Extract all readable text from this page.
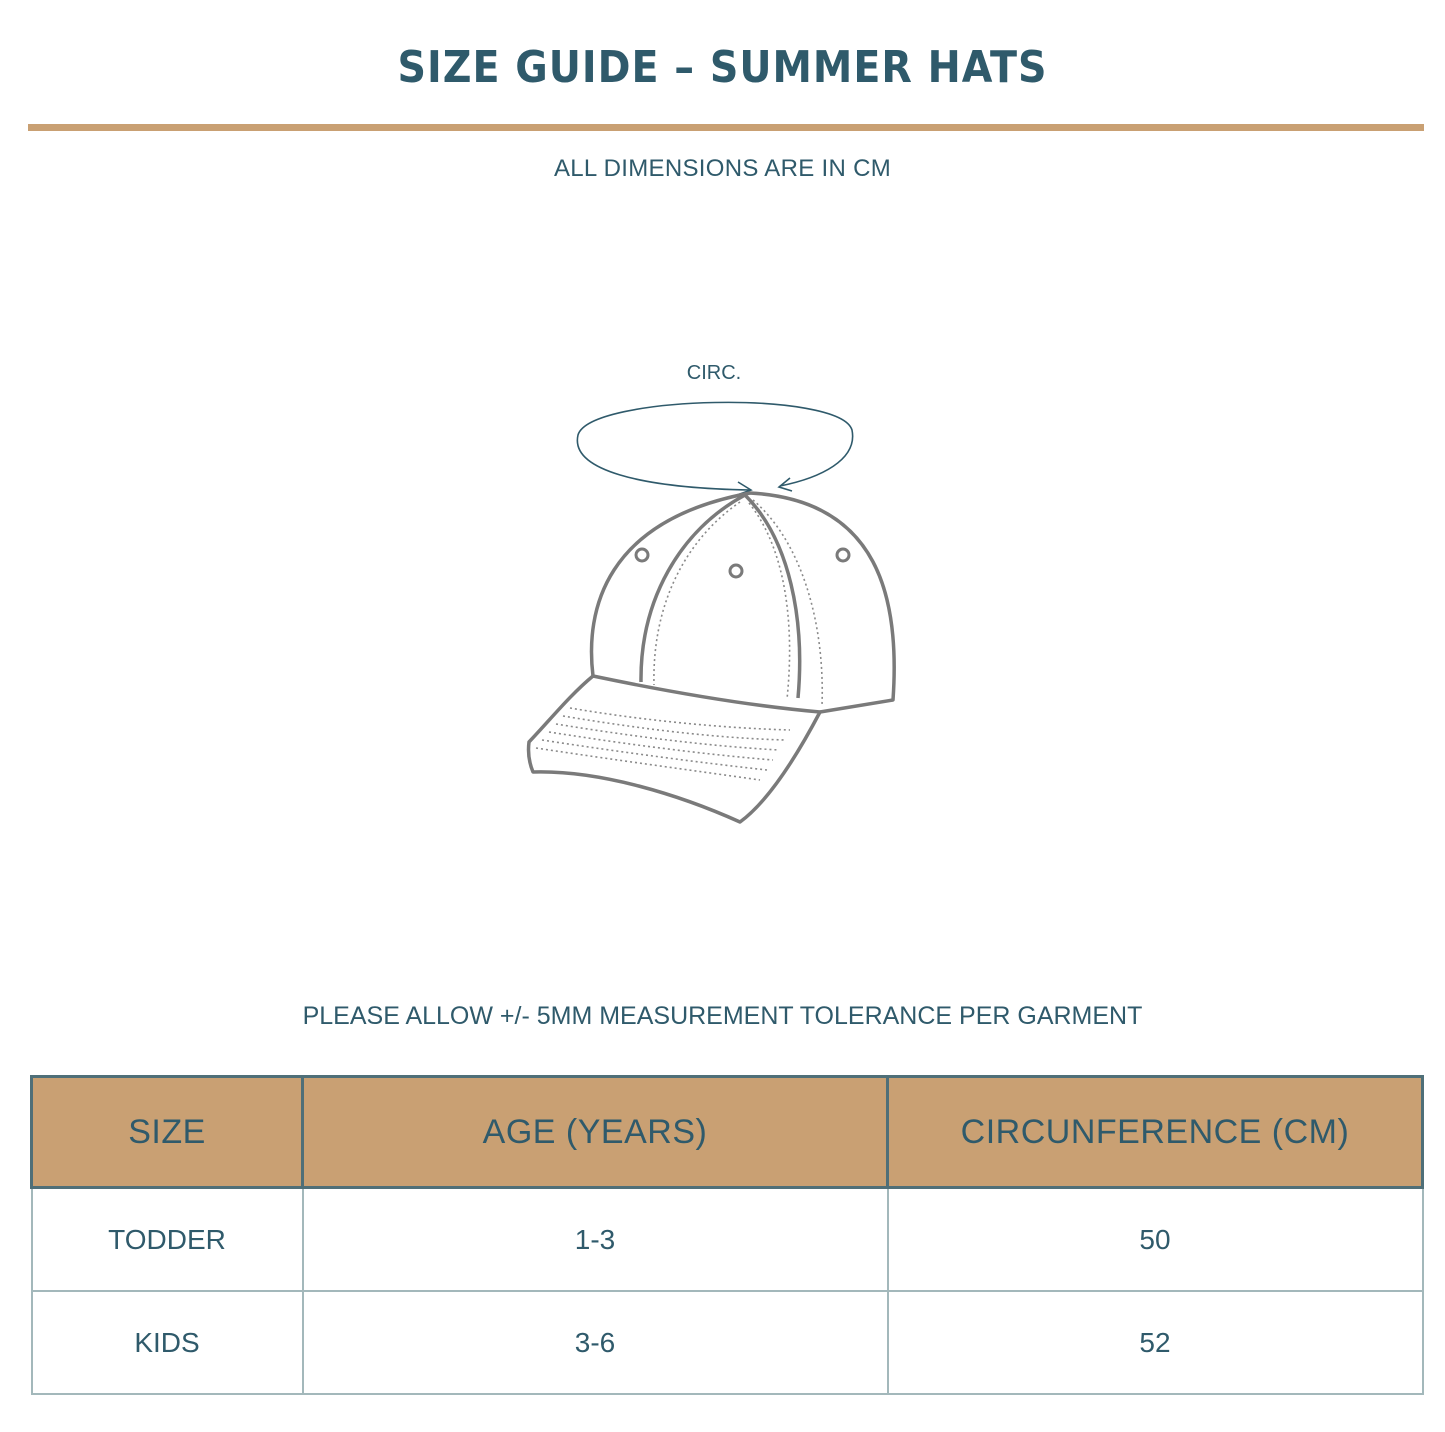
SIZE GUIDE – SUMMER HATS
ALL DIMENSIONS ARE IN CM
CIRC.
PLEASE ALLOW +/- 5MM MEASUREMENT TOLERANCE PER GARMENT
SIZE	AGE (YEARS)	CIRCUNFERENCE (CM)
TODDER	1-3	50
KIDS	3-6	52
